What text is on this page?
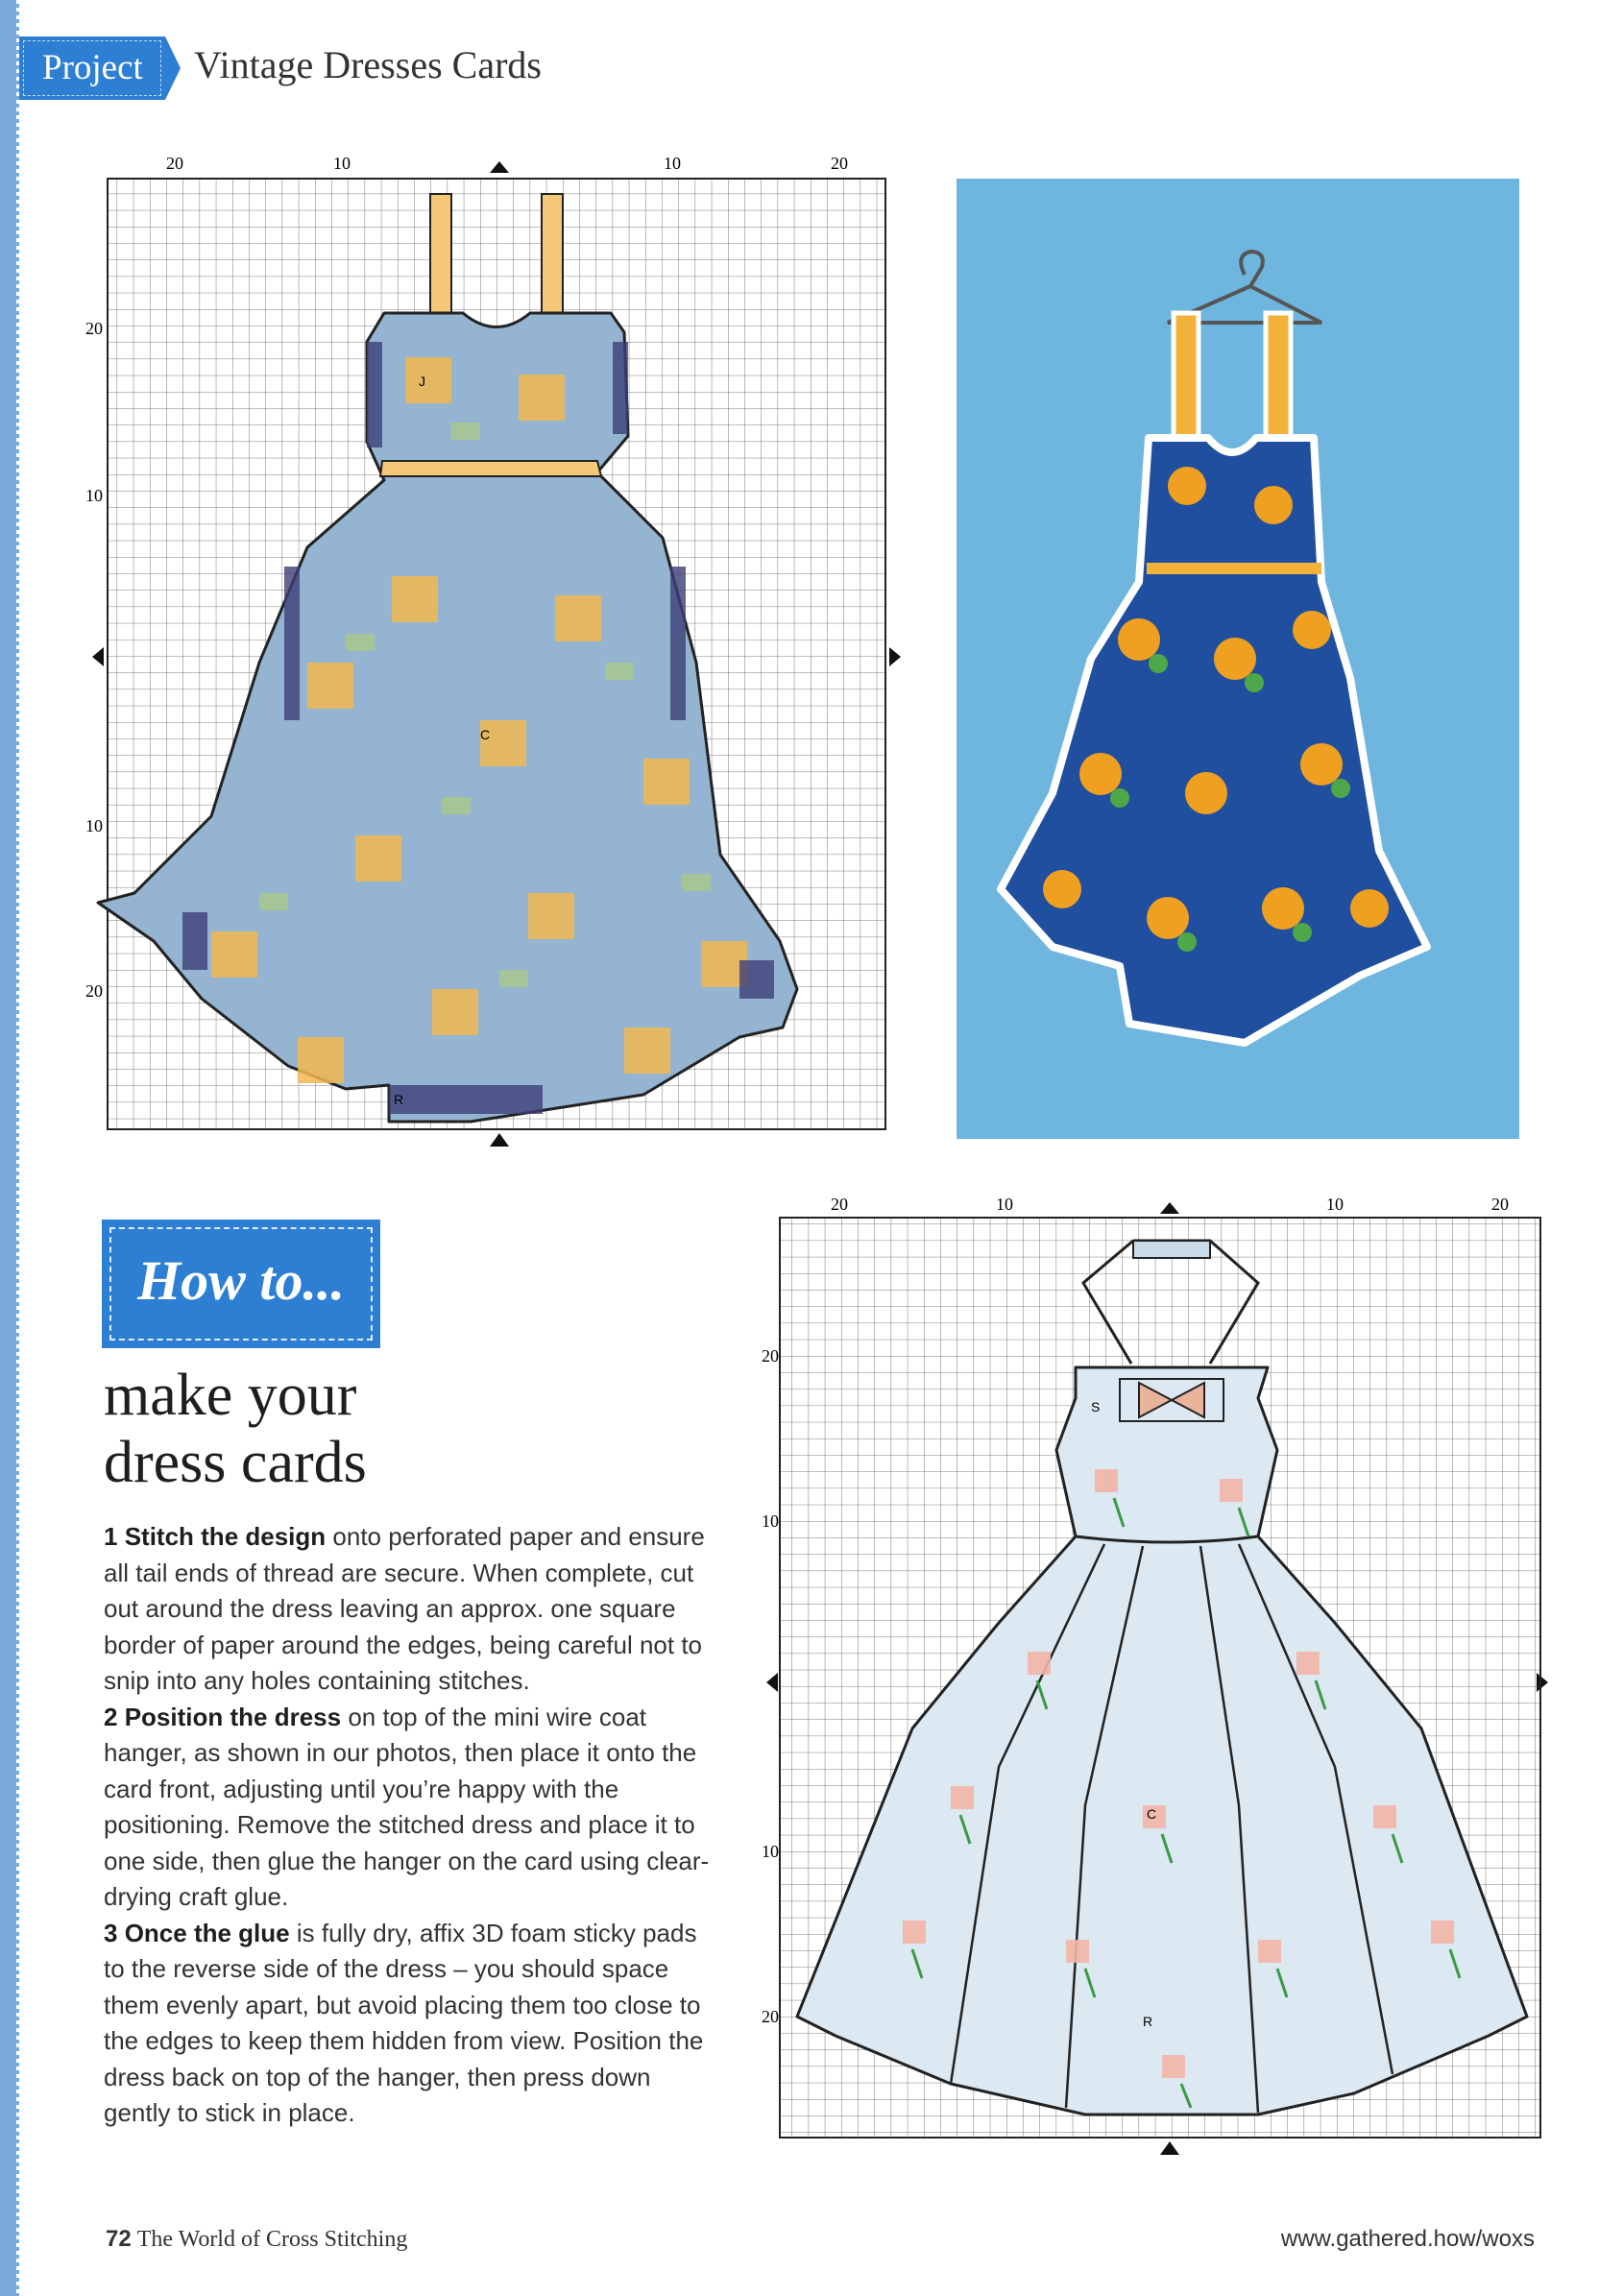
Project	Vintage Dresses Cards
20	10	10	20
20
10
10
20
J
C
R
How to...
make your
dress cards

1 Stitch the design onto perforated paper and ensure all tail ends of thread are secure. When complete, cut out around the dress leaving an approx. one square border of paper around the edges, being careful not to snip into any holes containing stitches.

2 Position the dress on top of the mini wire coat hanger, as shown in our photos, then place it onto the card front, adjusting until you’re happy with the positioning. Remove the stitched dress and place it to one side, then glue the hanger on the card using clear-drying craft glue.

3 Once the glue is fully dry, affix 3D foam sticky pads to the reverse side of the dress – you should space them evenly apart, but avoid placing them too close to the edges to keep them hidden from view. Position the dress back on top of the hanger, then press down gently to stick in place.

20	10	10	20
20
10
10
20	R
S
C
72 The World of Cross Stitching	www.gathered.how/woxs
